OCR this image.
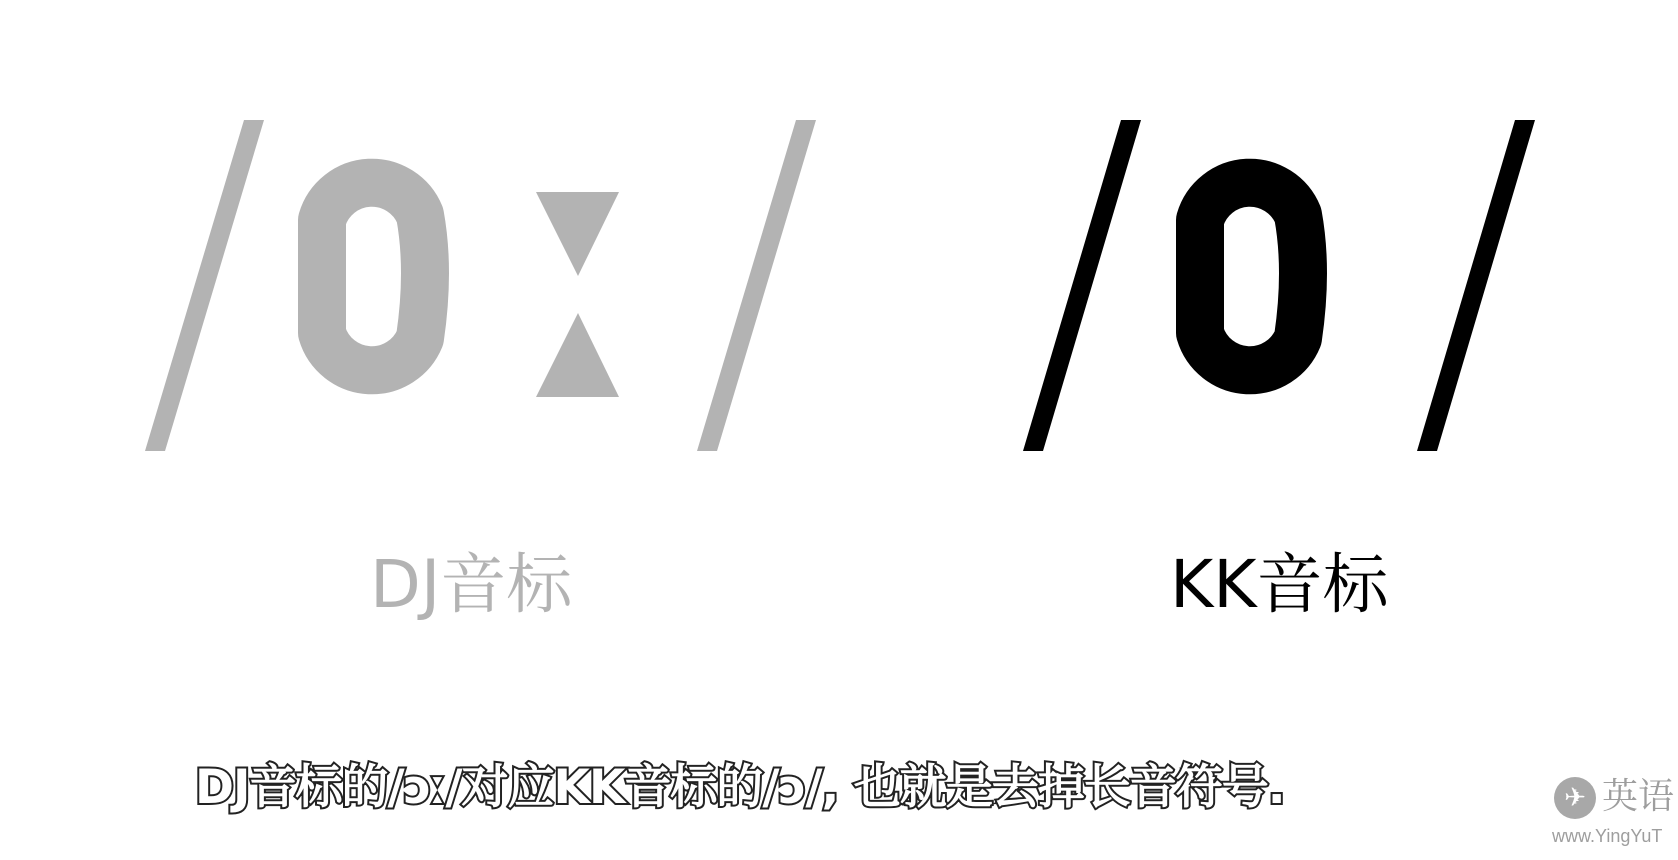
DJ音标	KK音标
DJ音标的/ɔː/对应KK音标的/ɔ/, 也就是去掉长音符号.	✈ 英语
www.YingYuT
